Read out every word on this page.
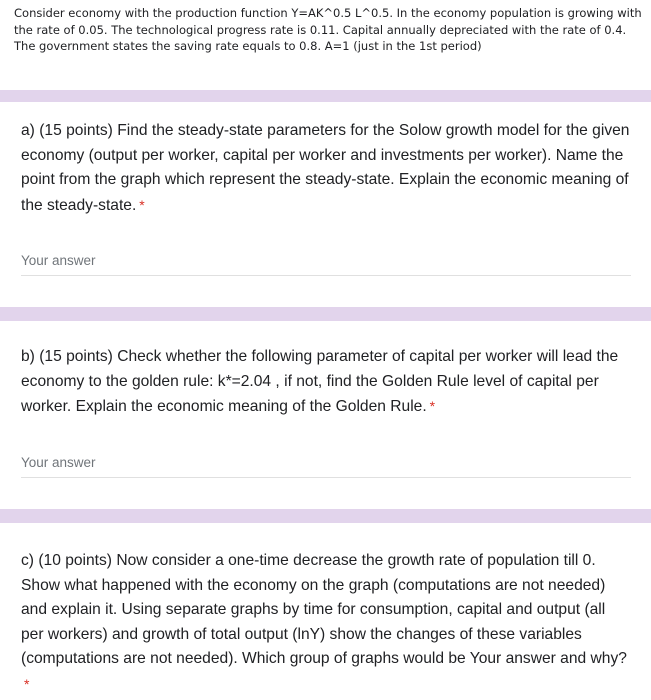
Consider economy with the production function Y=AK^0.5 L^0.5. In the economy population is growing with the rate of 0.05. The technological progress rate is 0.11. Capital annually depreciated with the rate of 0.4. The government states the saving rate equals to 0.8. A=1 (just in the 1st period)

a) (15 points) Find the steady-state parameters for the Solow growth model for the given economy (output per worker, capital per worker and investments per worker). Name the point from the graph which represent the steady-state. Explain the economic meaning of the steady-state. *

Your answer

b) (15 points) Check whether the following parameter of capital per worker will lead the economy to the golden rule: k*=2.04 , if not, find the Golden Rule level of capital per worker. Explain the economic meaning of the Golden Rule. *

Your answer

c) (10 points) Now consider a one-time decrease the growth rate of population till 0. Show what happened with the economy on the graph (computations are not needed) and explain it. Using separate graphs by time for consumption, capital and output (all per workers) and growth of total output (lnY) show the changes of these variables (computations are not needed). Which group of graphs would be Your answer and why?*
